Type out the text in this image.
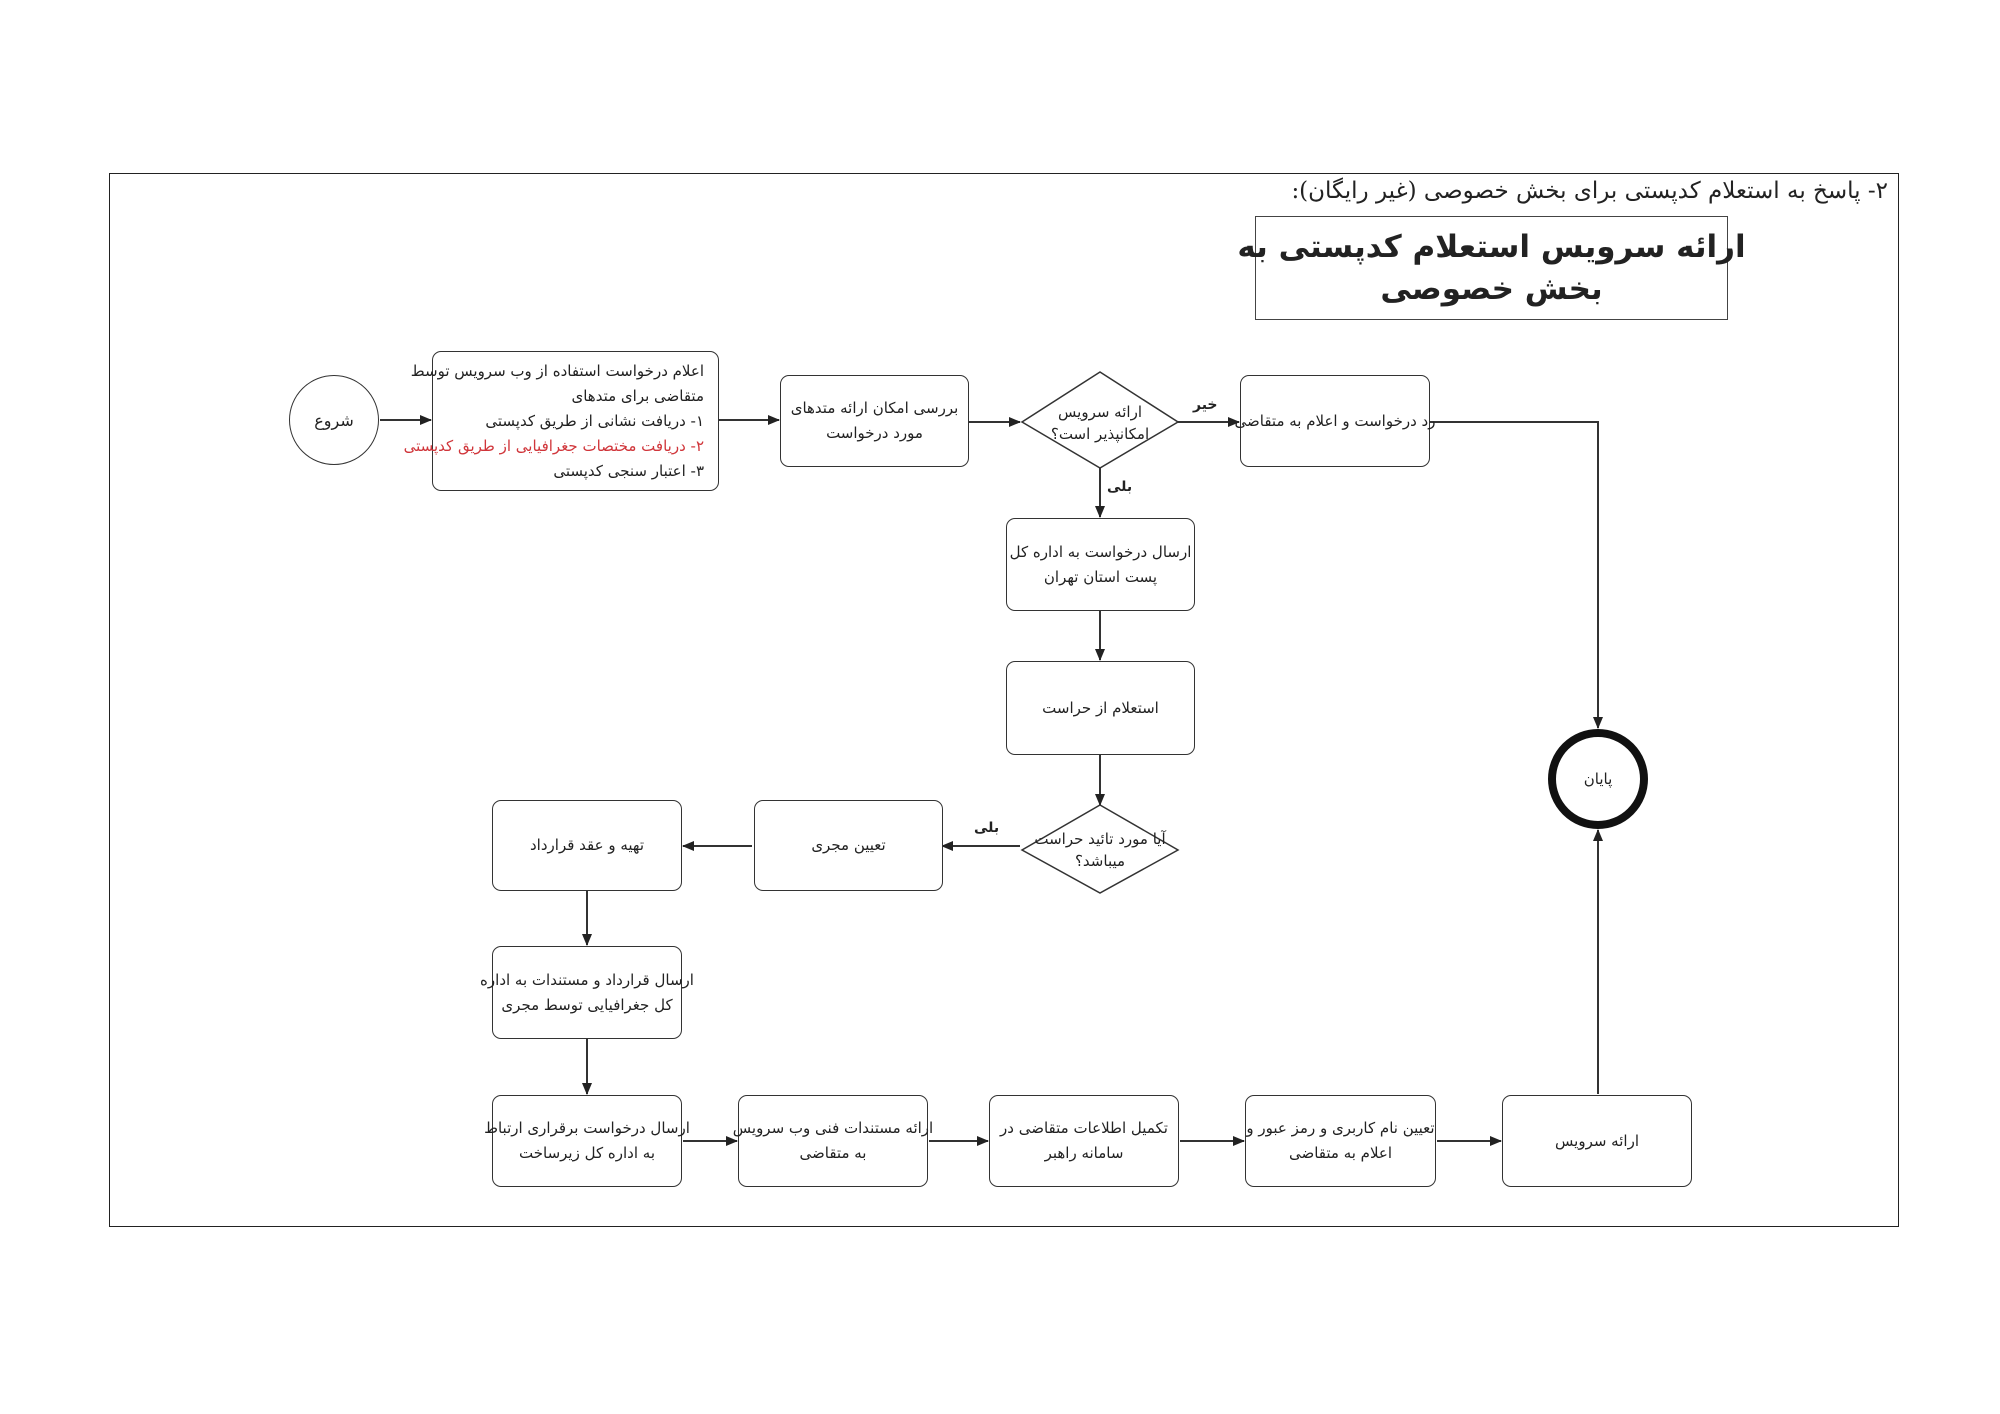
۲- پاسخ به استعلام کدپستی برای بخش خصوصی (غیر رایگان):
ارائه سرویس استعلام کدپستی به
بخش خصوصی
شروع
اعلام درخواست استفاده از وب سرویس توسط
متقاضی برای متدهای
۱- دریافت نشانی از طریق کدپستی
۲- دریافت مختصات جغرافیایی از طریق کدپستی
۳- اعتبار سنجی کدپستی
بررسی امکان ارائه متدهای
مورد درخواست
ارائه سرویس
امکانپذیر است؟
خیر
بلی
بلی
رد درخواست و اعلام به متقاضی
ارسال درخواست به اداره کل
پست استان تهران
استعلام از حراست
آیا مورد تائید حراست
میباشد؟
تعیین مجری
تهیه و عقد قرارداد
ارسال قرارداد و مستندات به اداره
کل جغرافیایی توسط مجری
ارسال درخواست برقراری ارتباط
به اداره کل زیرساخت
ارائه مستندات فنی وب سرویس
به متقاضی
تکمیل اطلاعات متقاضی در
سامانه راهبر
تعیین نام کاربری و رمز عبور و
اعلام به متقاضی
ارائه سرویس
پایان
